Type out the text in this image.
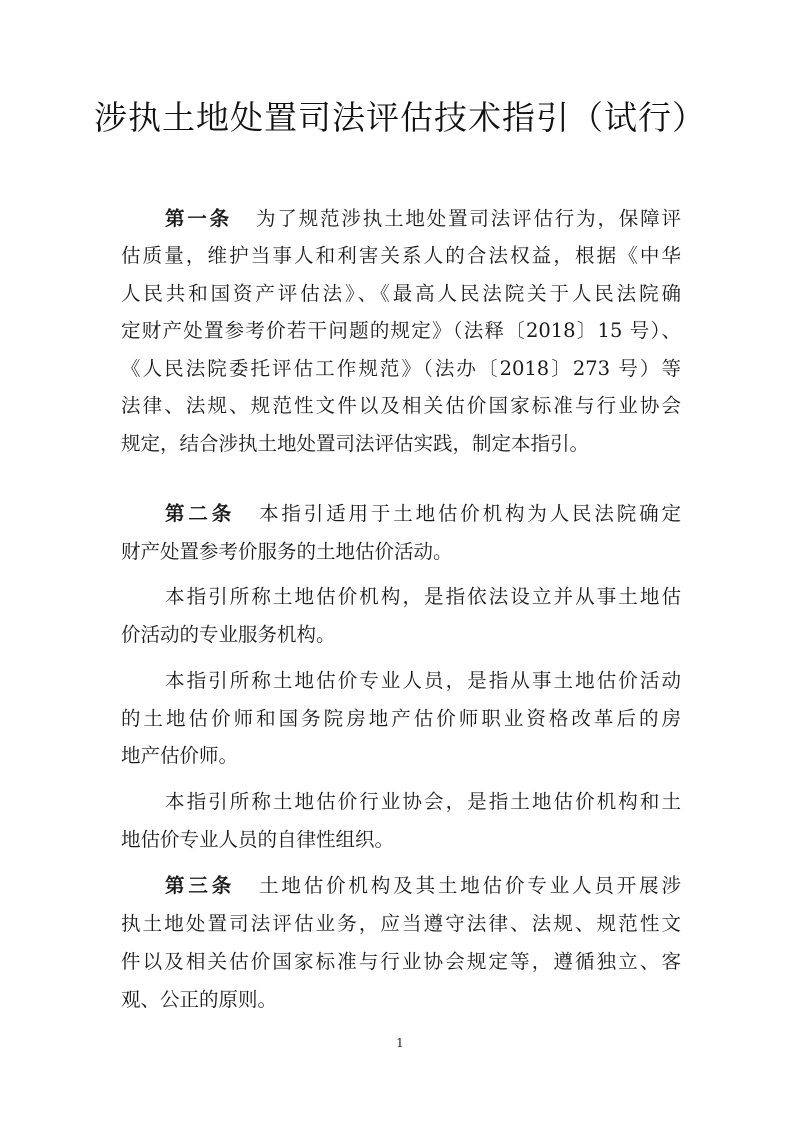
涉执土地处置司法评估技术指引（试行）
第一条 为了规范涉执土地处置司法评估行为，保障评
估质量，维护当事人和利害关系人的合法权益，根据《中华
人民共和国资产评估法》、《最高人民法院关于人民法院确
定财产处置参考价若干问题的规定》（法释〔2018〕15 号）、
《人民法院委托评估工作规范》（法办〔2018〕273 号）等
法律、法规、规范性文件以及相关估价国家标准与行业协会
规定，结合涉执土地处置司法评估实践，制定本指引。
第二条 本指引适用于土地估价机构为人民法院确定
财产处置参考价服务的土地估价活动。
本指引所称土地估价机构，是指依法设立并从事土地估
价活动的专业服务机构。
本指引所称土地估价专业人员，是指从事土地估价活动
的土地估价师和国务院房地产估价师职业资格改革后的房
地产估价师。
本指引所称土地估价行业协会，是指土地估价机构和土
地估价专业人员的自律性组织。
第三条 土地估价机构及其土地估价专业人员开展涉
执土地处置司法评估业务，应当遵守法律、法规、规范性文
件以及相关估价国家标准与行业协会规定等，遵循独立、客
观、公正的原则。
1
